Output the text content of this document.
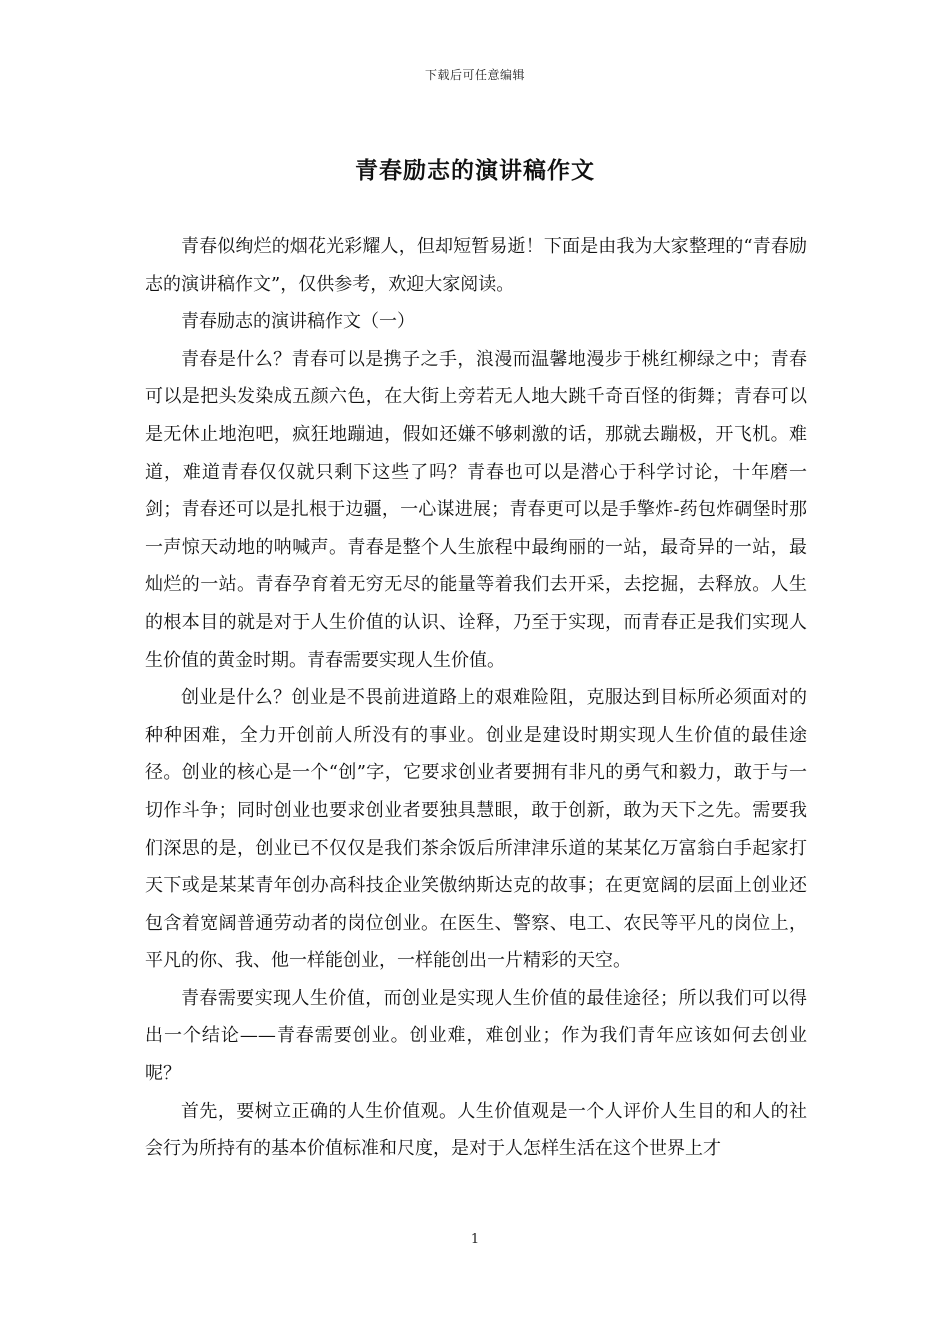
下载后可任意编辑
青春励志的演讲稿作文

青春似绚烂的烟花光彩耀人，但却短暂易逝！下面是由我为大家整理的“青春励志的演讲稿作文”，仅供参考，欢迎大家阅读。

青春励志的演讲稿作文（一）

青春是什么？青春可以是携子之手，浪漫而温馨地漫步于桃红柳绿之中；青春可以是把头发染成五颜六色，在大街上旁若无人地大跳千奇百怪的街舞；青春可以是无休止地泡吧，疯狂地蹦迪，假如还嫌不够刺激的话，那就去蹦极，开飞机。难道，难道青春仅仅就只剩下这些了吗？青春也可以是潜心于科学讨论，十年磨一剑；青春还可以是扎根于边疆，一心谋进展；青春更可以是手擎炸-药包炸碉堡时那一声惊天动地的呐喊声。青春是整个人生旅程中最绚丽的一站，最奇异的一站，最灿烂的一站。青春孕育着无穷无尽的能量等着我们去开采，去挖掘，去释放。人生的根本目的就是对于人生价值的认识、诠释，乃至于实现，而青春正是我们实现人生价值的黄金时期。青春需要实现人生价值。

创业是什么？创业是不畏前进道路上的艰难险阻，克服达到目标所必须面对的种种困难，全力开创前人所没有的事业。创业是建设时期实现人生价值的最佳途径。创业的核心是一个“创”字，它要求创业者要拥有非凡的勇气和毅力，敢于与一切作斗争；同时创业也要求创业者要独具慧眼，敢于创新，敢为天下之先。需要我们深思的是，创业已不仅仅是我们茶余饭后所津津乐道的某某亿万富翁白手起家打天下或是某某青年创办高科技企业笑傲纳斯达克的故事；在更宽阔的层面上创业还包含着宽阔普通劳动者的岗位创业。在医生、警察、电工、农民等平凡的岗位上，平凡的你、我、他一样能创业，一样能创出一片精彩的天空。

青春需要实现人生价值，而创业是实现人生价值的最佳途径；所以我们可以得出一个结论——青春需要创业。创业难，难创业；作为我们青年应该如何去创业呢？

首先，要树立正确的人生价值观。人生价值观是一个人评价人生目的和人的社会行为所持有的基本价值标准和尺度，是对于人怎样生活在这个世界上才

1
